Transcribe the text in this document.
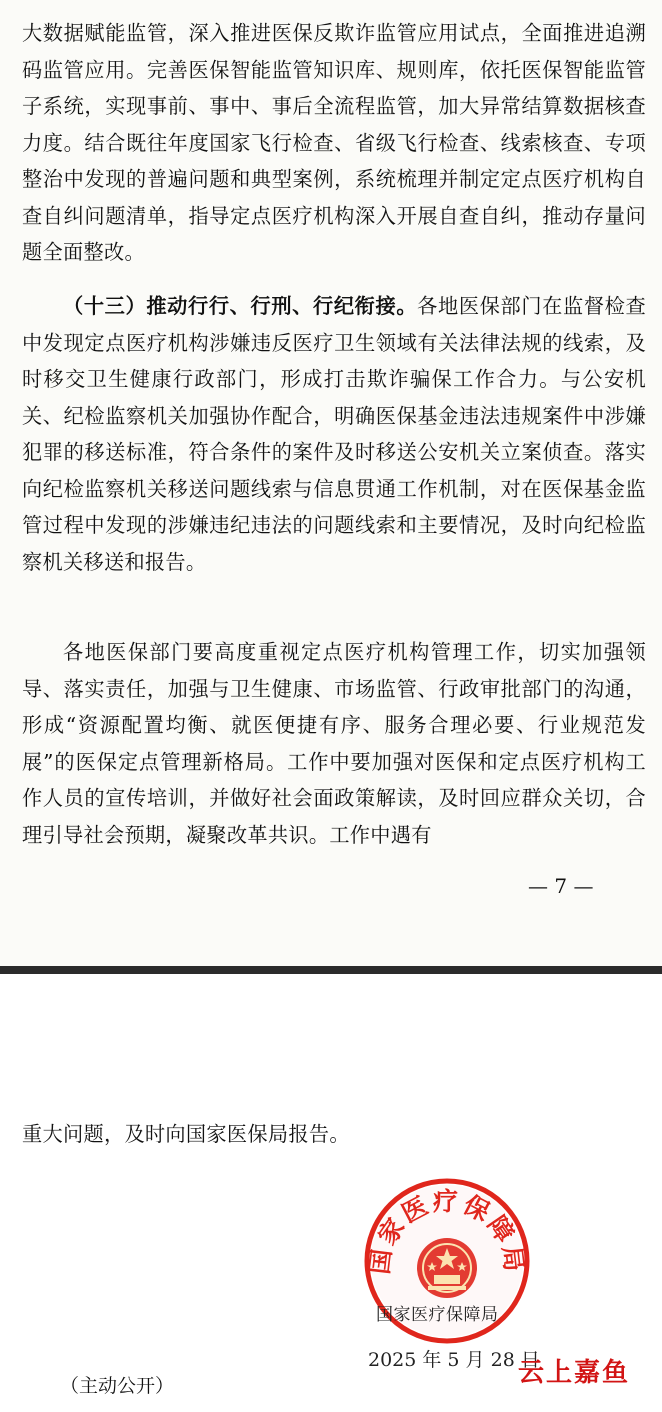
大数据赋能监管，深入推进医保反欺诈监管应用试点，全面推进追溯码监管应用。完善医保智能监管知识库、规则库，依托医保智能监管子系统，实现事前、事中、事后全流程监管，加大异常结算数据核查力度。结合既往年度国家飞行检查、省级飞行检查、线索核查、专项整治中发现的普遍问题和典型案例，系统梳理并制定定点医疗机构自查自纠问题清单，指导定点医疗机构深入开展自查自纠，推动存量问题全面整改。

（十三）推动行行、行刑、行纪衔接。各地医保部门在监督检查中发现定点医疗机构涉嫌违反医疗卫生领域有关法律法规的线索，及时移交卫生健康行政部门，形成打击欺诈骗保工作合力。与公安机关、纪检监察机关加强协作配合，明确医保基金违法违规案件中涉嫌犯罪的移送标准，符合条件的案件及时移送公安机关立案侦查。落实向纪检监察机关移送问题线索与信息贯通工作机制，对在医保基金监管过程中发现的涉嫌违纪违法的问题线索和主要情况，及时向纪检监察机关移送和报告。

各地医保部门要高度重视定点医疗机构管理工作，切实加强领导、落实责任，加强与卫生健康、市场监管、行政审批部门的沟通，形成“资源配置均衡、就医便捷有序、服务合理必要、行业规范发展”的医保定点管理新格局。工作中要加强对医保和定点医疗机构工作人员的宣传培训，并做好社会面政策解读，及时回应群众关切，合理引导社会预期，凝聚改革共识。工作中遇有

— 7 —
重大问题，及时向国家医保局报告。
国家医疗保障局
国家医疗保障局
2025 年 5 月 28 日
（主动公开）	云上嘉鱼
